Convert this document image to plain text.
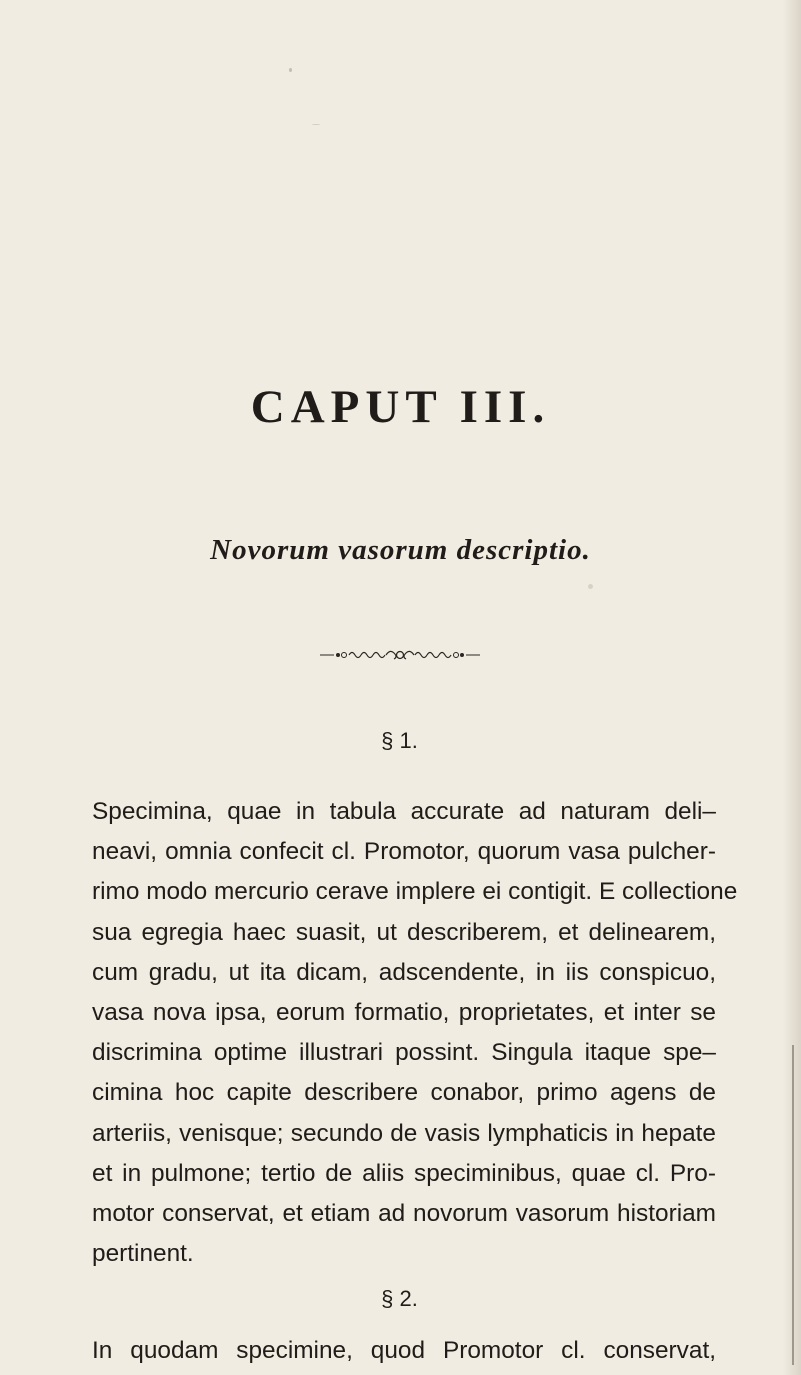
CAPUT III.
Novorum vasorum descriptio.
§ 1.
Specimina, quae in tabula accurate ad naturam deli–
neavi, omnia confecit cl. Promotor, quorum vasa pulcher-
rimo modo mercurio cerave implere ei contigit. E collectione
sua egregia haec suasit, ut describerem, et delinearem,
cum gradu, ut ita dicam, adscendente, in iis conspicuo,
vasa nova ipsa, eorum formatio, proprietates, et inter se
discrimina optime illustrari possint. Singula itaque spe–
cimina hoc capite describere conabor, primo agens de
arteriis, venisque; secundo de vasis lymphaticis in hepate
et in pulmone; tertio de aliis speciminibus, quae cl. Pro-
motor conservat, et etiam ad novorum vasorum historiam
pertinent.
§ 2.
In quodam specimine, quod Promotor cl. conservat,
